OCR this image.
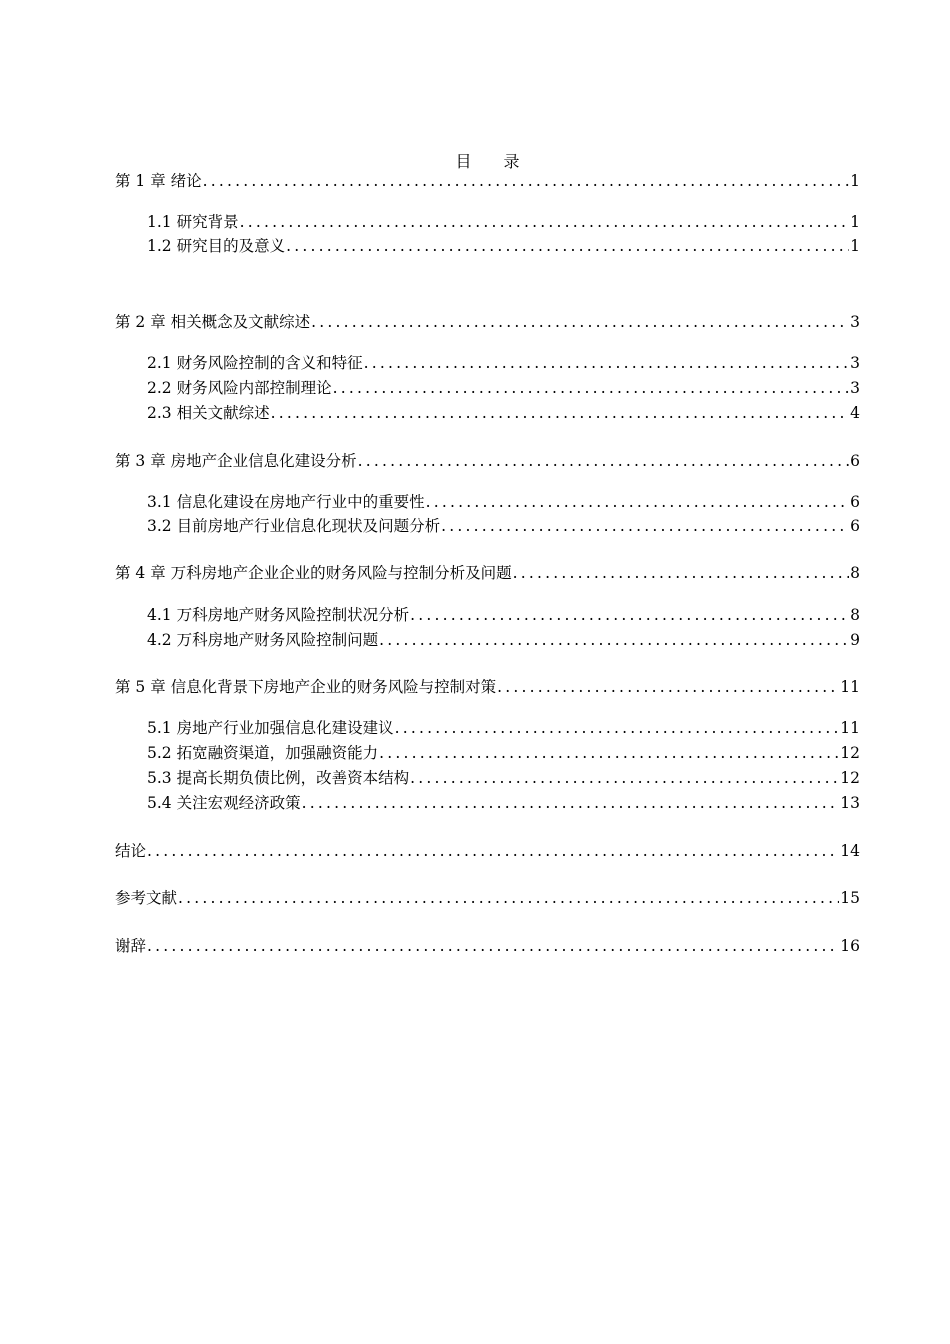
目 录
第 1 章 绪论 .....	1
1.1 研究背景 .....	1
1.2 研究目的及意义 .....	1
第 2 章 相关概念及文献综述 .....	3
2.1 财务风险控制的含义和特征 .....	3
2.2 财务风险内部控制理论 .....	3
2.3 相关文献综述 .....	4
第 3 章 房地产企业信息化建设分析 .....	6
3.1 信息化建设在房地产行业中的重要性 .....	6
3.2 目前房地产行业信息化现状及问题分析 .....	6
第 4 章 万科房地产企业企业的财务风险与控制分析及问题 .....	8
4.1 万科房地产财务风险控制状况分析 .....	8
4.2 万科房地产财务风险控制问题 .....	9
第 5 章 信息化背景下房地产企业的财务风险与控制对策 .....	11
5.1 房地产行业加强信息化建设建议 .....	11
5.2 拓宽融资渠道，加强融资能力 .....	12
5.3 提高长期负债比例，改善资本结构 .....	12
5.4 关注宏观经济政策 .....	13
结论 .....	14
参考文献 .....	15
谢辞 .....	16
